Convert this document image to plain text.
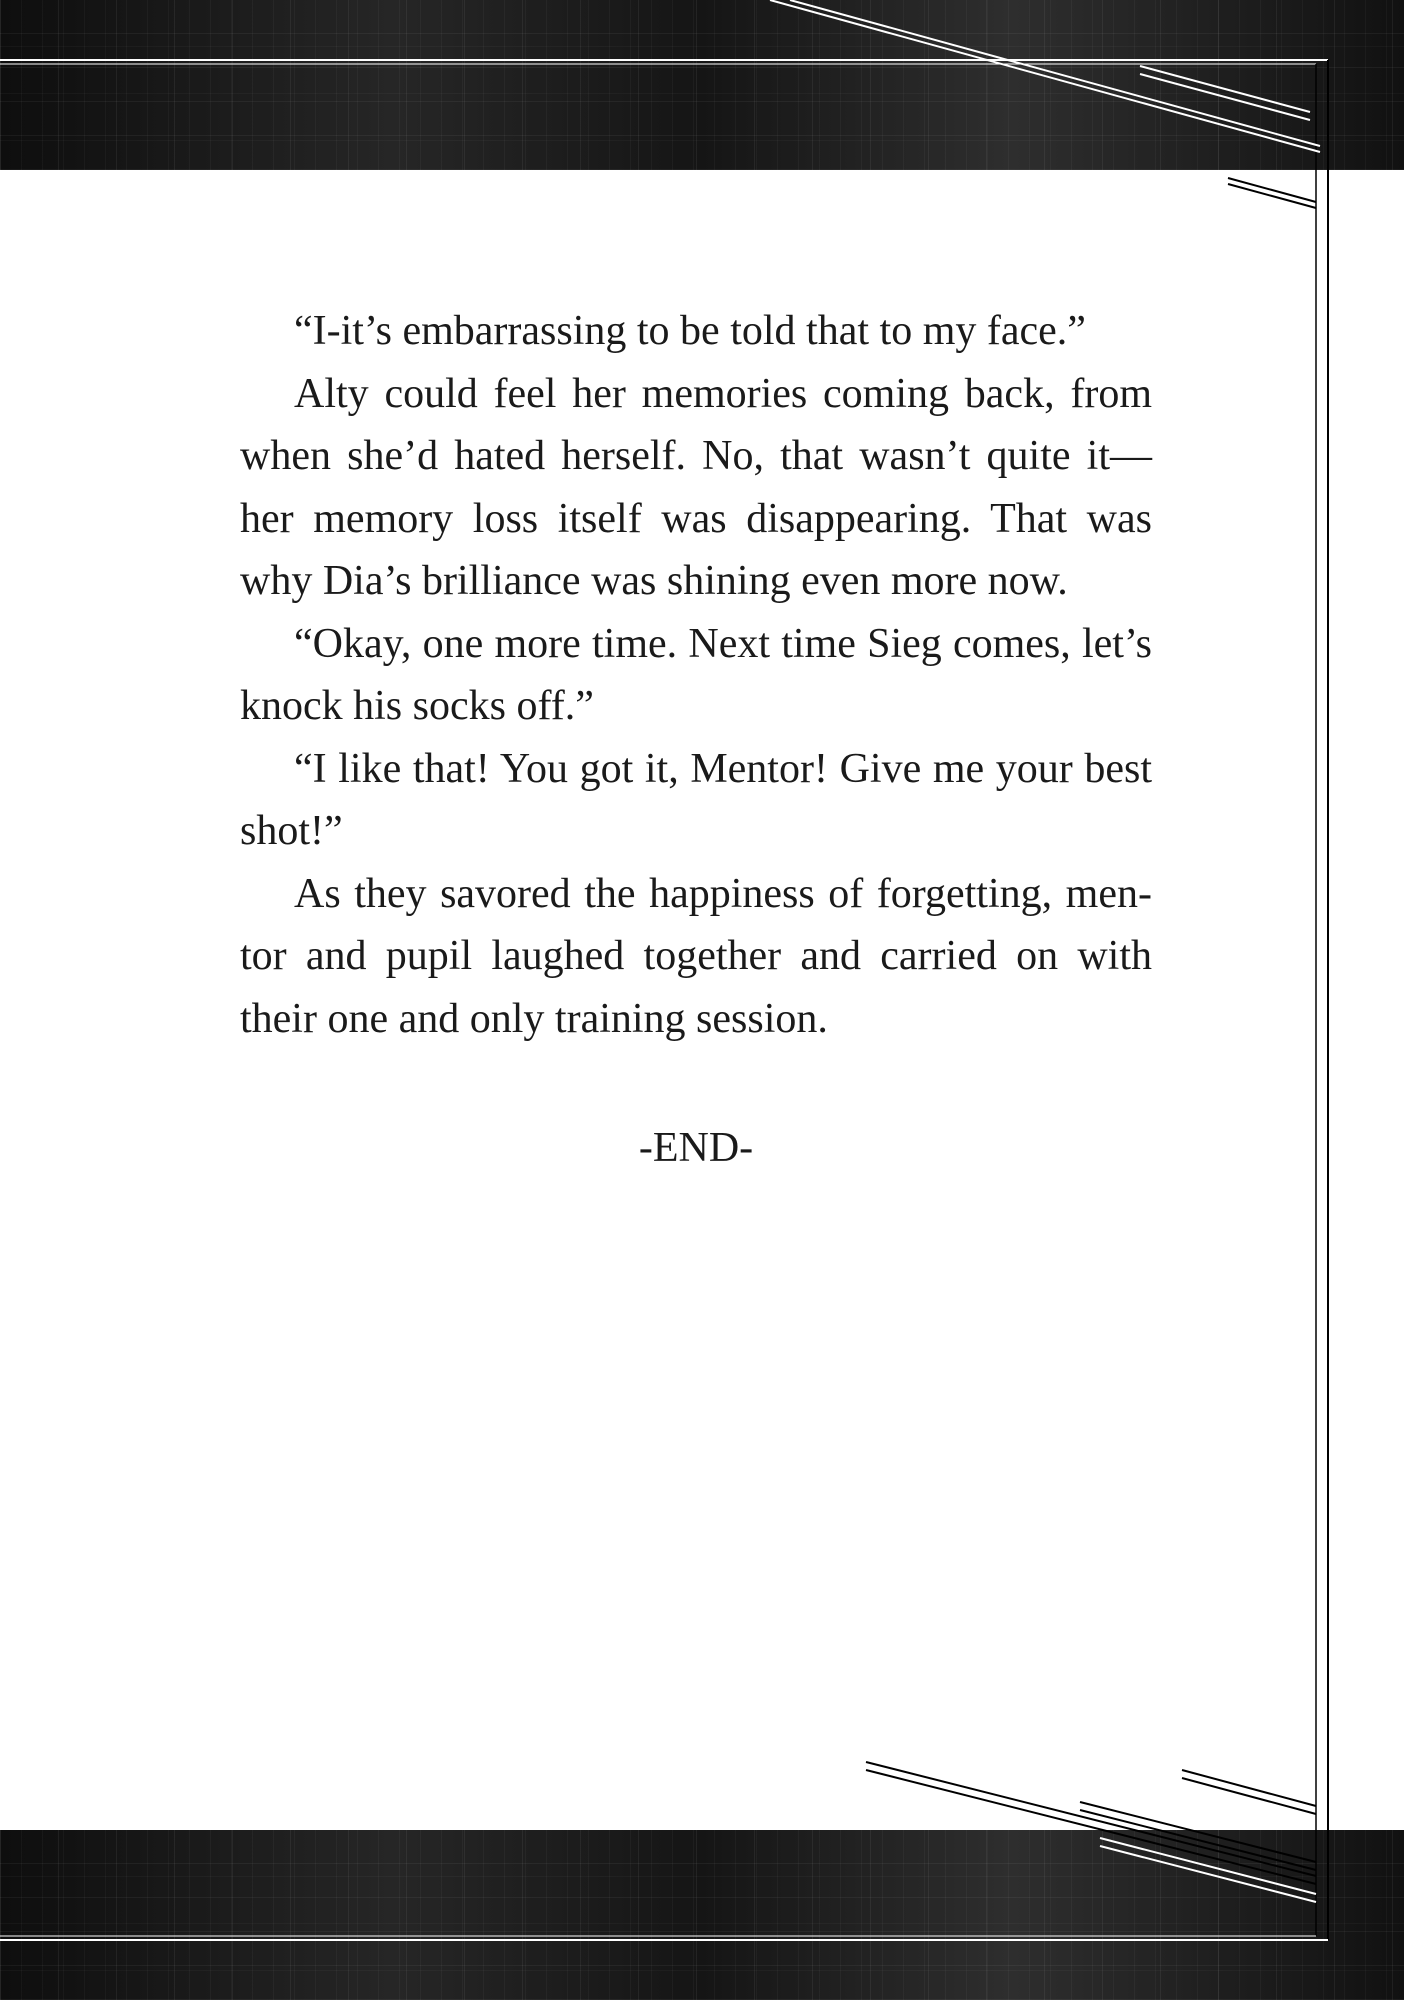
“I-it’s embarrassing to be told that to my face.”

Alty could feel her memories coming back, from when she’d hated herself. No, that wasn’t quite it—her memory loss itself was disappearing. That was why Dia’s brilliance was shining even more now.

“Okay, one more time. Next time Sieg comes, let’s knock his socks off.”

“I like that! You got it, Mentor! Give me your best shot!”

As they savored the happiness of forgetting, mentor and pupil laughed together and carried on with their one and only training session.

-END-
